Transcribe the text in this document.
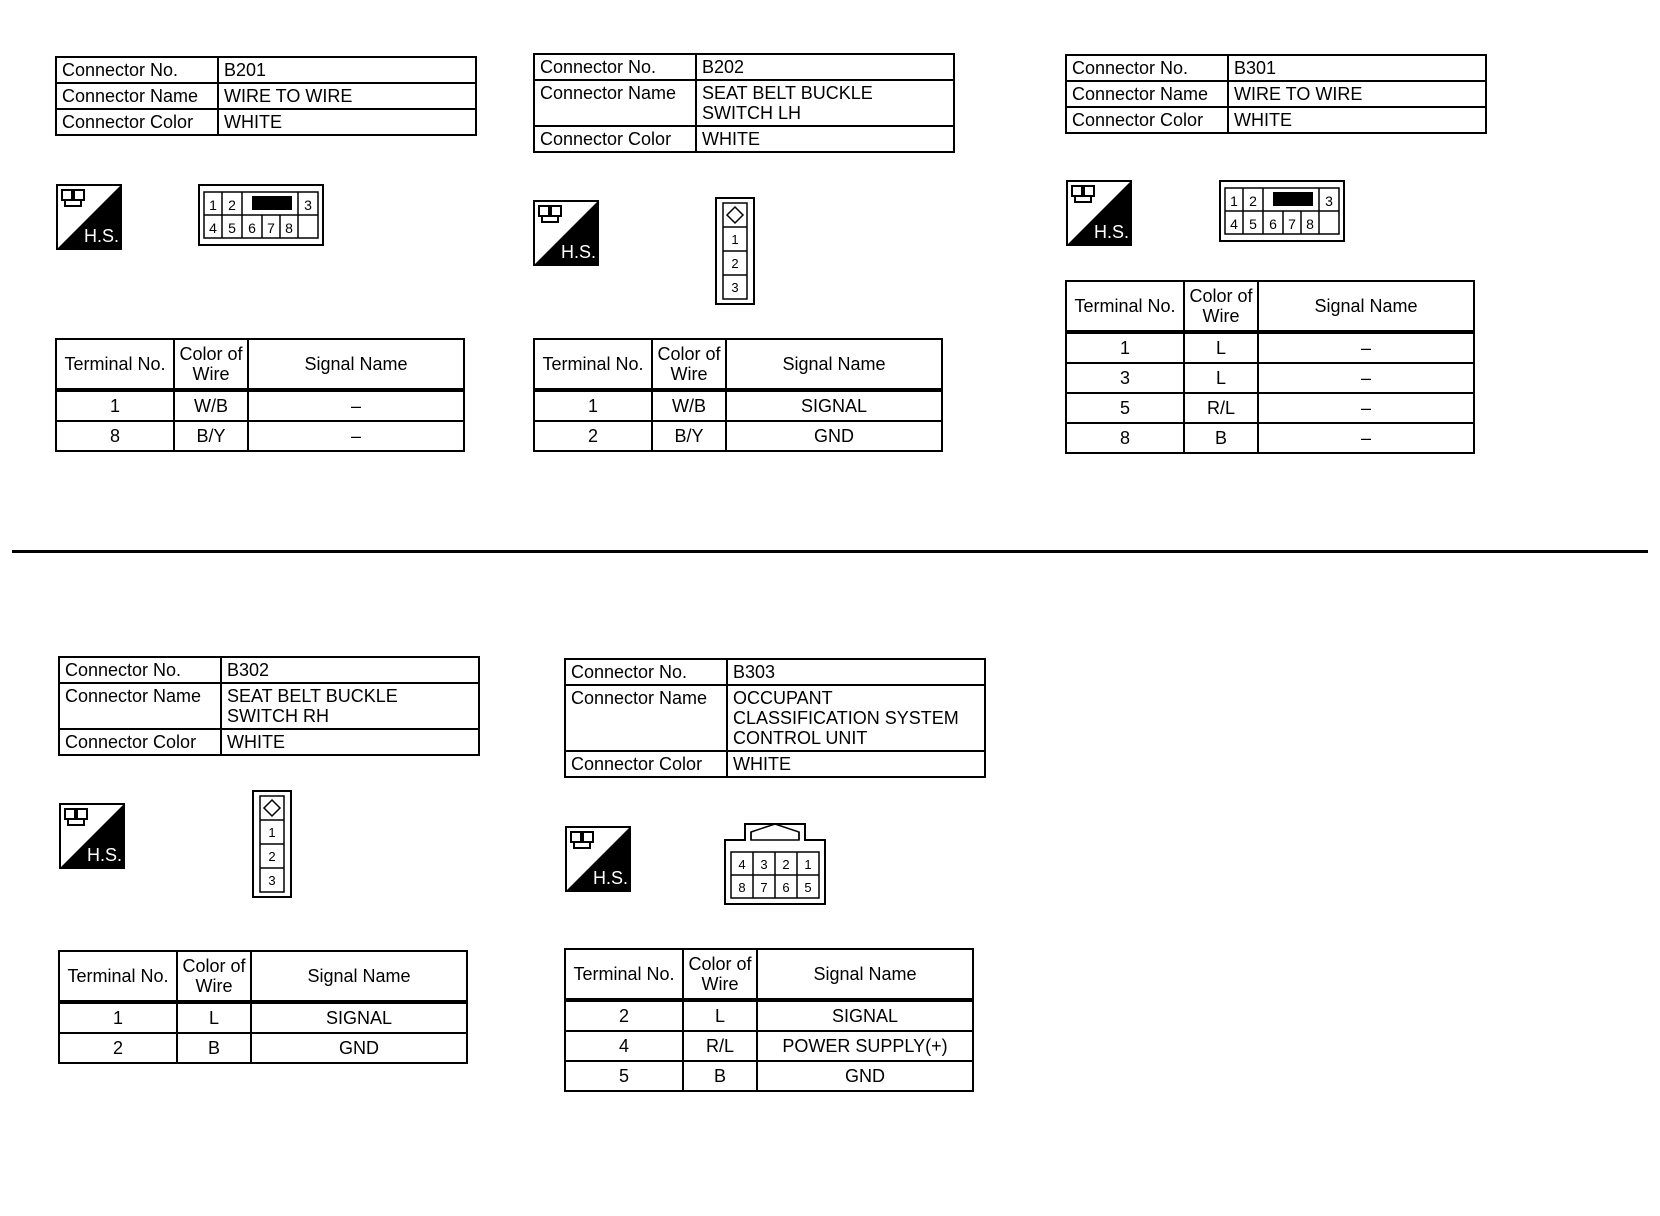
Connector No.	B201
Connector Name	WIRE TO WIRE
Connector Color	WHITE
H.S.
1 2	3
4 5 6 7 8
Terminal No.	Color of Wire	Signal Name
1	W/B	–
8	B/Y	–
Connector No.	B202
Connector Name	SEAT BELT BUCKLE
SWITCH LH
Connector Color	WHITE
H.S.
1
2
3
Terminal No.	Color of Wire	Signal Name
1	W/B	SIGNAL
2	B/Y	GND
Connector No.	B301
Connector Name	WIRE TO WIRE
Connector Color	WHITE
H.S.
1 2	3
4 5 6 7 8
Terminal No.	Color of Wire	Signal Name
1	L	–
3	L	–
5	R/L	–
8	B	–
Connector No.	B302
Connector Name	SEAT BELT BUCKLE
SWITCH RH
Connector Color	WHITE
H.S.
1
2
3
Terminal No.	Color of Wire	Signal Name
1	L	SIGNAL
2	B	GND
Connector No.	B303
Connector Name	OCCUPANT
CLASSIFICATION SYSTEM
CONTROL UNIT
Connector Color	WHITE
H.S.
4 3 2 1
8 7 6 5
Terminal No.	Color of Wire	Signal Name
2	L	SIGNAL
4	R/L	POWER SUPPLY(+)
5	B	GND
